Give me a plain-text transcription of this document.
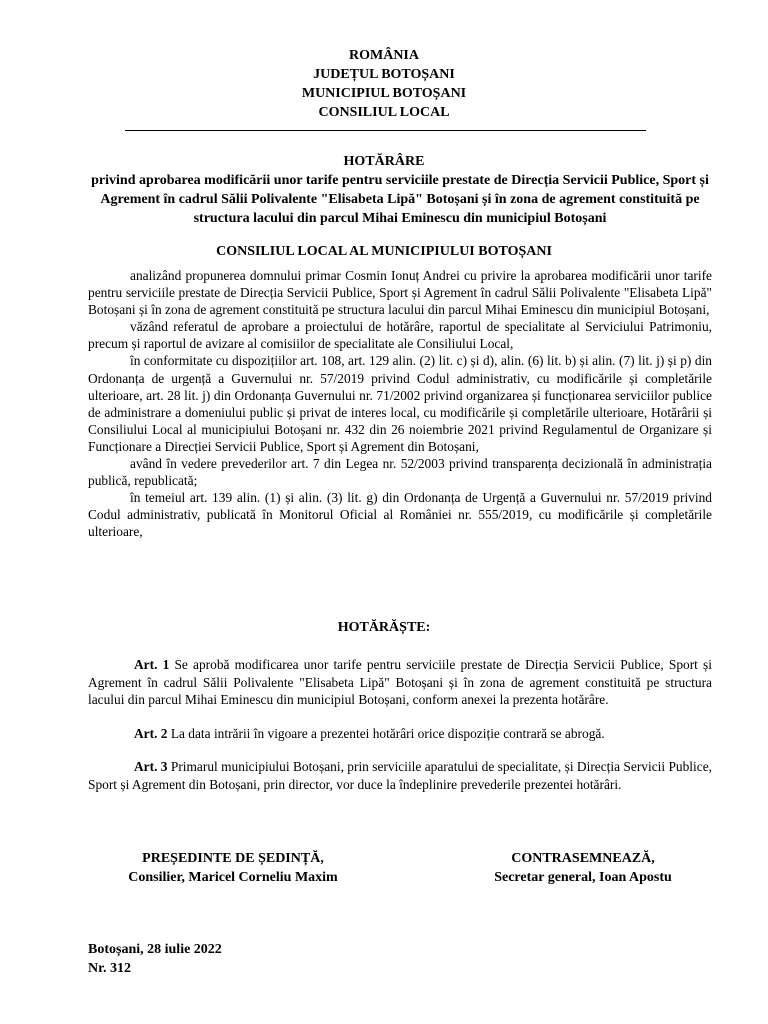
ROMÂNIA
JUDEȚUL BOTOȘANI
MUNICIPIUL BOTOȘANI
CONSILIUL LOCAL
HOTĂRÂRE
privind aprobarea modificării unor tarife pentru serviciile prestate de Direcția Servicii Publice, Sport și Agrement în cadrul Sălii Polivalente "Elisabeta Lipă" Botoșani și în zona de agrement constituită pe structura lacului din parcul Mihai Eminescu din municipiul Botoșani
CONSILIUL LOCAL AL MUNICIPIULUI BOTOȘANI

analizând propunerea domnului primar Cosmin Ionuț Andrei cu privire la aprobarea modificării unor tarife pentru serviciile prestate de Direcția Servicii Publice, Sport și Agrement în cadrul Sălii Polivalente "Elisabeta Lipă" Botoșani și în zona de agrement constituită pe structura lacului din parcul Mihai Eminescu din municipiul Botoșani,

văzând referatul de aprobare a proiectului de hotărâre, raportul de specialitate al Serviciului Patrimoniu, precum și raportul de avizare al comisiilor de specialitate ale Consiliului Local,

în conformitate cu dispozițiilor art. 108, art. 129 alin. (2) lit. c) și d), alin. (6) lit. b) și alin. (7) lit. j) și p) din Ordonanța de urgență a Guvernului nr. 57/2019 privind Codul administrativ, cu modificările și completările ulterioare, art. 28 lit. j) din Ordonanța Guvernului nr. 71/2002 privind organizarea și funcționarea serviciilor publice de administrare a domeniului public și privat de interes local, cu modificările și completările ulterioare, Hotărârii și Consiliului Local al municipiului Botoșani nr. 432 din 26 noiembrie 2021 privind Regulamentul de Organizare și Funcționare a Direcției Servicii Publice, Sport și Agrement din Botoșani,

având în vedere prevederilor art. 7 din Legea nr. 52/2003 privind transparența decizională în administrația publică, republicată;

în temeiul art. 139 alin. (1) și alin. (3) lit. g) din Ordonanța de Urgență a Guvernului nr. 57/2019 privind Codul administrativ, publicată în Monitorul Oficial al României nr. 555/2019, cu modificările și completările ulterioare,

HOTĂRĂȘTE:

Art. 1 Se aprobă modificarea unor tarife pentru serviciile prestate de Direcția Servicii Publice, Sport și Agrement în cadrul Sălii Polivalente "Elisabeta Lipă" Botoșani și în zona de agrement constituită pe structura lacului din parcul Mihai Eminescu din municipiul Botoșani, conform anexei la prezenta hotărâre.

Art. 2 La data intrării în vigoare a prezentei hotărâri orice dispoziție contrară se abrogă.

Art. 3 Primarul municipiului Botoșani, prin serviciile aparatului de specialitate, și Direcția Servicii Publice, Sport și Agrement din Botoșani, prin director, vor duce la îndeplinire prevederile prezentei hotărâri.

PREȘEDINTE DE ȘEDINȚĂ,
Consilier, Maricel Corneliu Maxim
CONTRASEMNEAZĂ,
Secretar general, Ioan Apostu
Botoșani, 28 iulie 2022
Nr. 312
